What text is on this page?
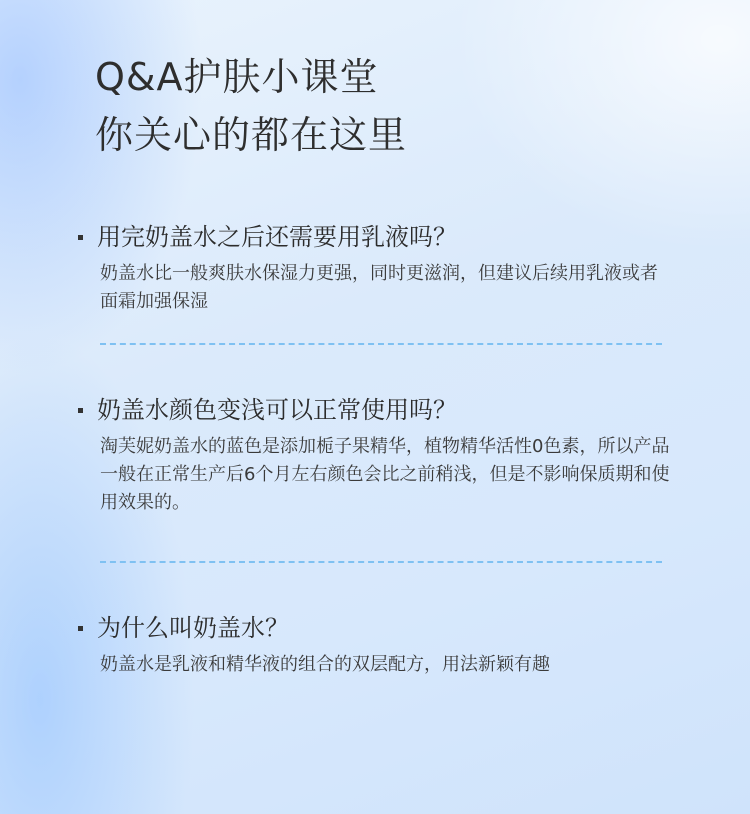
Q&A护肤小课堂
你关心的都在这里
用完奶盖水之后还需要用乳液吗？
奶盖水比一般爽肤水保湿力更强，同时更滋润，但建议后续用乳液或者面霜加强保湿
奶盖水颜色变浅可以正常使用吗？
淘芙妮奶盖水的蓝色是添加栀子果精华，植物精华活性0色素，所以产品一般在正常生产后6个月左右颜色会比之前稍浅，但是不影响保质期和使用效果的。
为什么叫奶盖水？
奶盖水是乳液和精华液的组合的双层配方，用法新颖有趣
